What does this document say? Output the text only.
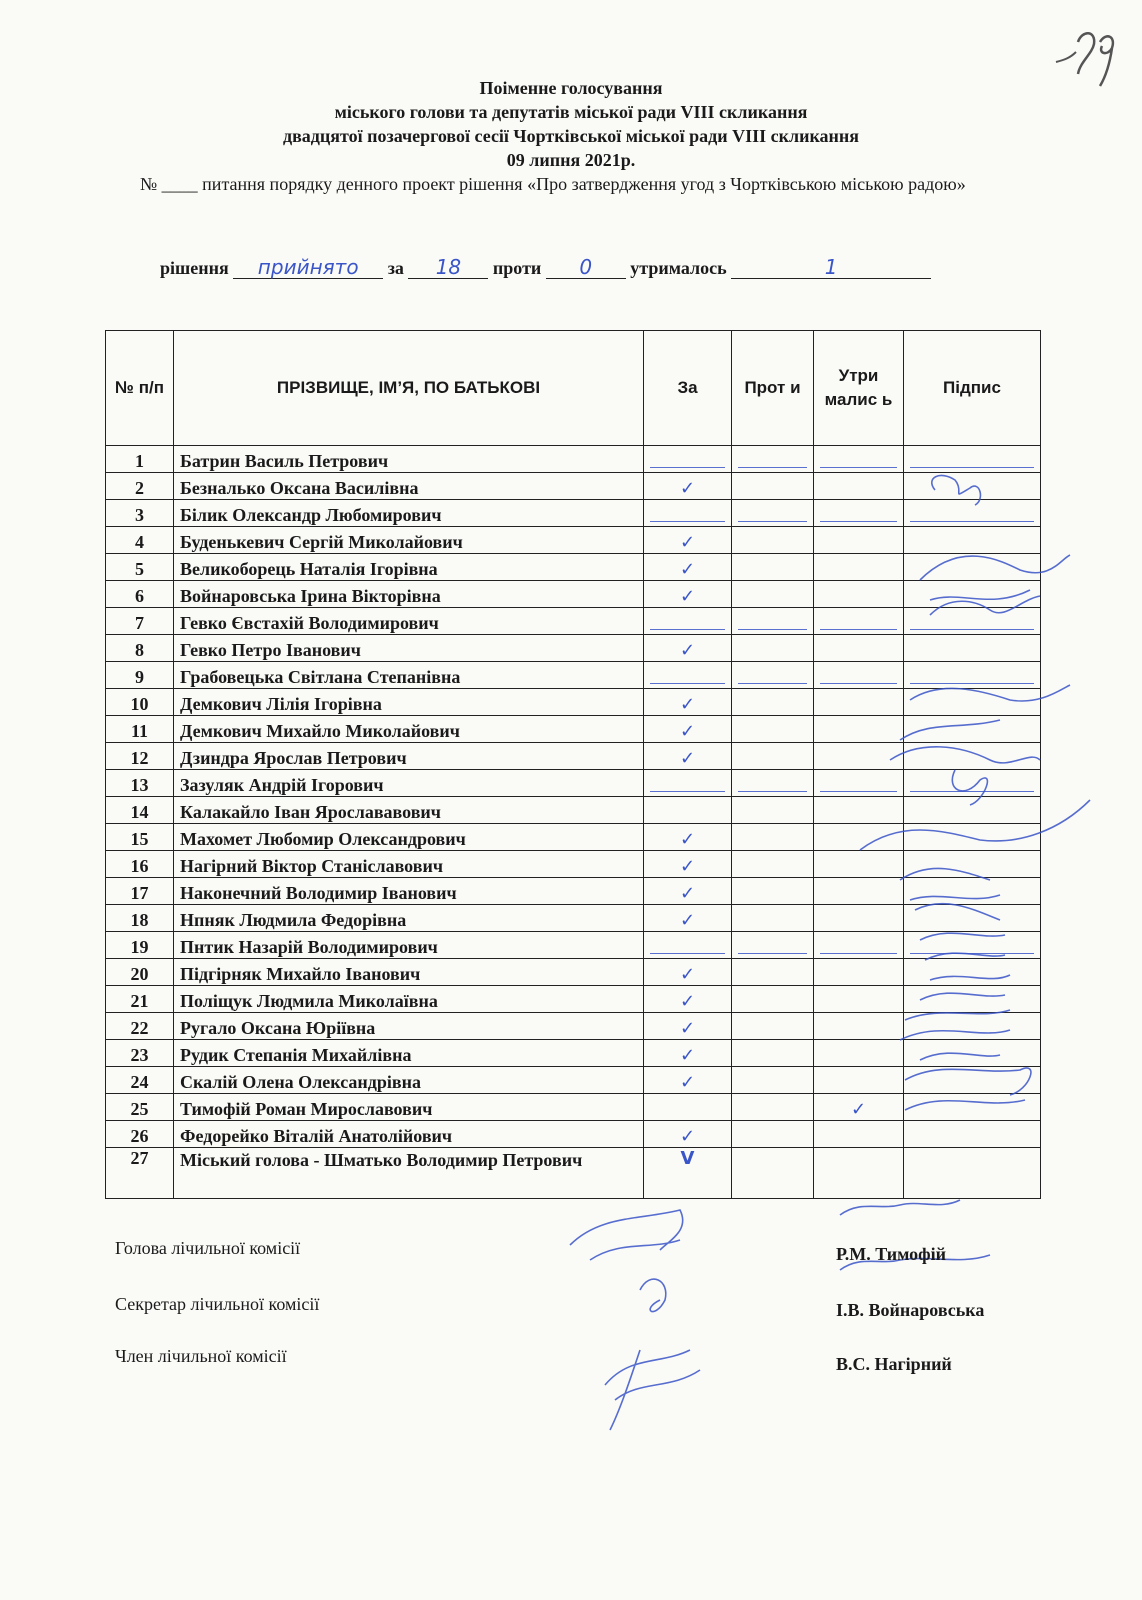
Поіменне голосування
міського голови та депутатів міської ради VIII скликання
двадцятої позачергової сесії Чортківської міської ради VIII скликання
09 липня 2021р.
№ ____ питання порядку денного проект рішення «Про затвердження угод з Чортківською міською радою»
рішення прийнято за 18 проти 0 утрималось	1
№ п/п	ПРІЗВИЩЕ, ІМ’Я, ПО БАТЬКОВІ	За	Прот и	Утри малис ь	Підпис
1	Батрин Василь Петрович	

2	Безналько Оксана Василівна	✓			
3	Білик Олександр Любомирович	

4	Буденькевич Сергій Миколайович	✓			
5	Великоборець Наталія Ігорівна	✓			
6	Войнаровська Ірина Вікторівна	✓			
7	Гевко Євстахій Володимирович	

8	Гевко Петро Іванович	✓			
9	Грабовецька Світлана Степанівна	

10	Демкович Лілія Ігорівна	✓			
11	Демкович Михайло Миколайович	✓			
12	Дзиндра Ярослав Петрович	✓			
13	Зазуляк Андрій Ігорович	

14	Калакайло Іван Ярослававович				
15	Махомет Любомир Олександрович	✓			
16	Нагірний Віктор Станіславович	✓			
17	Наконечний Володимир Іванович	✓			
18	Нпняк Людмила Федорівна	✓			
19	Пнтик Назарій Володимирович	

20	Підгірняк Михайло Іванович	✓			
21	Поліщук Людмила Миколаївна	✓			
22	Ругало Оксана Юріївна	✓			
23	Рудик Степанія Михайлівна	✓			
24	Скалій Олена Олександрівна	✓			
25	Тимофій Роман Мирославович			✓	
26	Федорейко Віталій Анатолійович	✓			
27	Міський голова - Шматько Володимир Петрович	V			
Голова лічильної комісії	Р.М. Тимофій
Секретар лічильної комісії	І.В. Войнаровська
Член лічильної комісії	В.С. Нагірний
